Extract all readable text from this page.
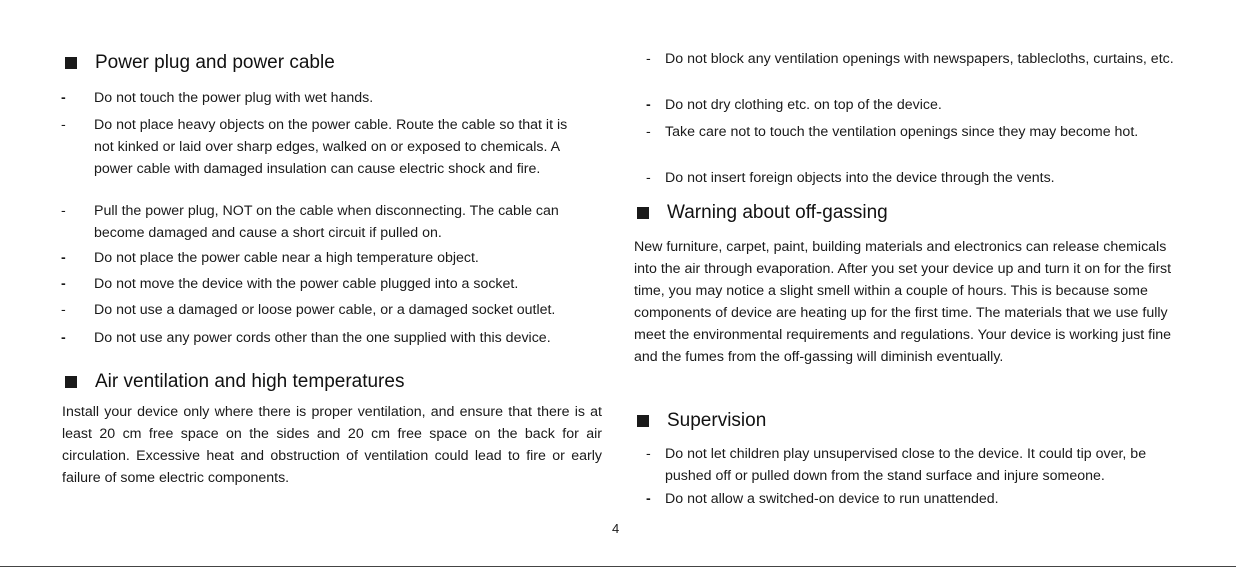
Power plug and power cable
-	Do not touch the power plug with wet hands.
-	Do not place heavy objects on the power cable. Route the cable so that it is not kinked or laid over sharp edges, walked on or exposed to chemicals. A power cable with damaged insulation can cause electric shock and fire.
-	Pull the power plug, NOT on the cable when disconnecting. The cable can become damaged and cause a short circuit if pulled on.
-	Do not place the power cable near a high temperature object.
-	Do not move the device with the power cable plugged into a socket.
-	Do not use a damaged or loose power cable, or a damaged socket outlet.
-	Do not use any power cords other than the one supplied with this device.
Air ventilation and high temperatures
Install your device only where there is proper ventilation, and ensure that there is at least 20 cm free space on the sides and 20 cm free space on the back for air circulation. Excessive heat and obstruction of ventilation could lead to fire or early failure of some electric components.
-	Do not block any ventilation openings with newspapers, tablecloths, curtains, etc.
-	Do not dry clothing etc. on top of the device.
-	Take care not to touch the ventilation openings since they may become hot.
-	Do not insert foreign objects into the device through the vents.
Warning about off-gassing
New furniture, carpet, paint, building materials and electronics can release chemicals into the air through evaporation. After you set your device up and turn it on for the first time, you may notice a slight smell within a couple of hours. This is because some components of device are heating up for the first time. The materials that we use fully meet the environmental requirements and regulations. Your device is working just fine and the fumes from the off-gassing will diminish eventually.
Supervision
-	Do not let children play unsupervised close to the device. It could tip over, be pushed off or pulled down from the stand surface and injure someone.
-	Do not allow a switched-on device to run unattended.
4
